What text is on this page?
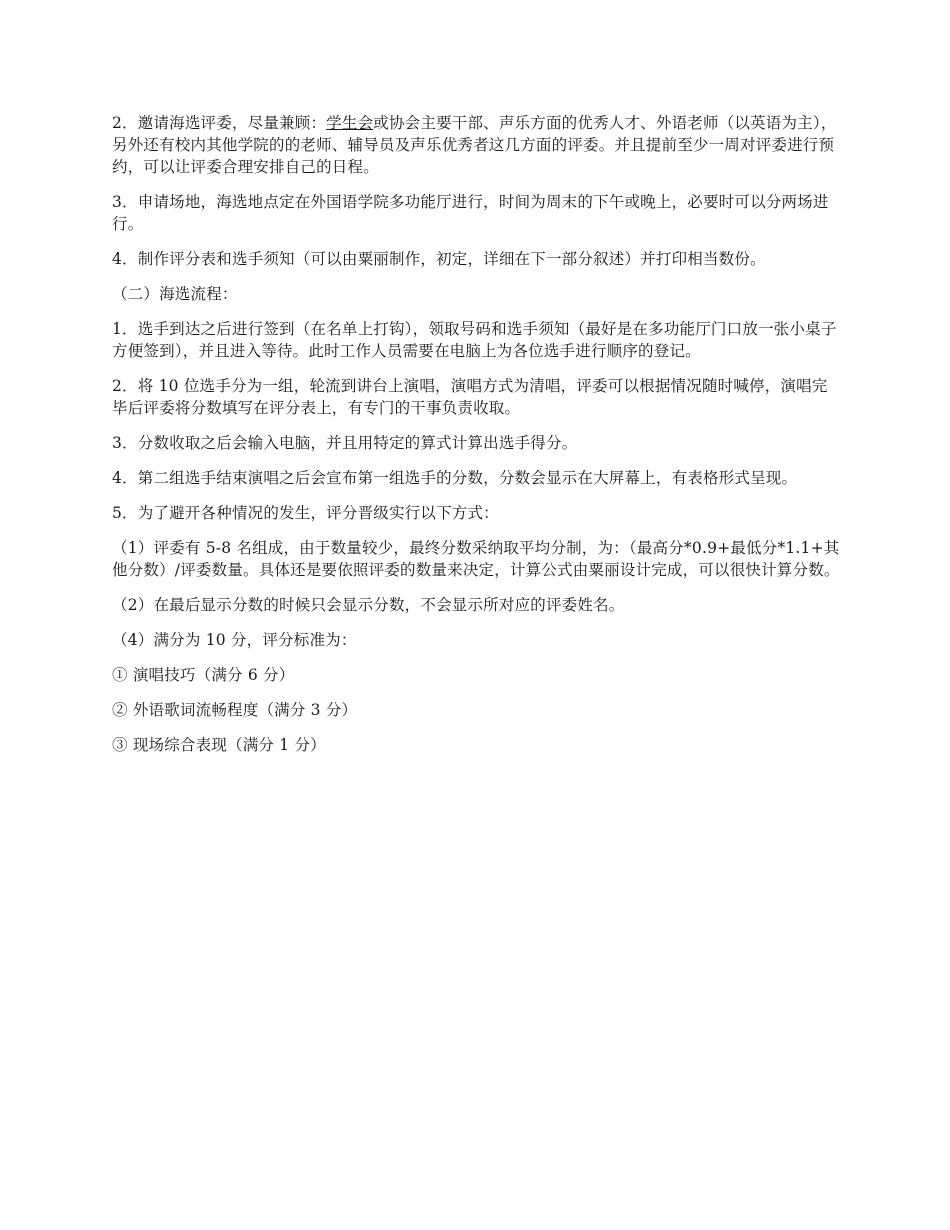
2．邀请海选评委，尽量兼顾：学生会或协会主要干部、声乐方面的优秀人才、外语老师（以英语为主），另外还有校内其他学院的的老师、辅导员及声乐优秀者这几方面的评委。并且提前至少一周对评委进行预约，可以让评委合理安排自己的日程。

3．申请场地，海选地点定在外国语学院多功能厅进行，时间为周末的下午或晚上，必要时可以分两场进行。

4．制作评分表和选手须知（可以由粟丽制作，初定，详细在下一部分叙述）并打印相当数份。

（二）海选流程：

1．选手到达之后进行签到（在名单上打钩），领取号码和选手须知（最好是在多功能厅门口放一张小桌子方便签到），并且进入等待。此时工作人员需要在电脑上为各位选手进行顺序的登记。

2．将 10 位选手分为一组，轮流到讲台上演唱，演唱方式为清唱，评委可以根据情况随时喊停，演唱完毕后评委将分数填写在评分表上，有专门的干事负责收取。

3．分数收取之后会输入电脑，并且用特定的算式计算出选手得分。

4．第二组选手结束演唱之后会宣布第一组选手的分数，分数会显示在大屏幕上，有表格形式呈现。

5．为了避开各种情况的发生，评分晋级实行以下方式：

（1）评委有 5-8 名组成，由于数量较少，最终分数采纳取平均分制，为：（最高分*0.9+最低分*1.1+其他分数）/评委数量。具体还是要依照评委的数量来决定，计算公式由粟丽设计完成，可以很快计算分数。

（2）在最后显示分数的时候只会显示分数，不会显示所对应的评委姓名。

（4）满分为 10 分，评分标准为：

① 演唱技巧（满分 6 分）

② 外语歌词流畅程度（满分 3 分）

③ 现场综合表现（满分 1 分）
